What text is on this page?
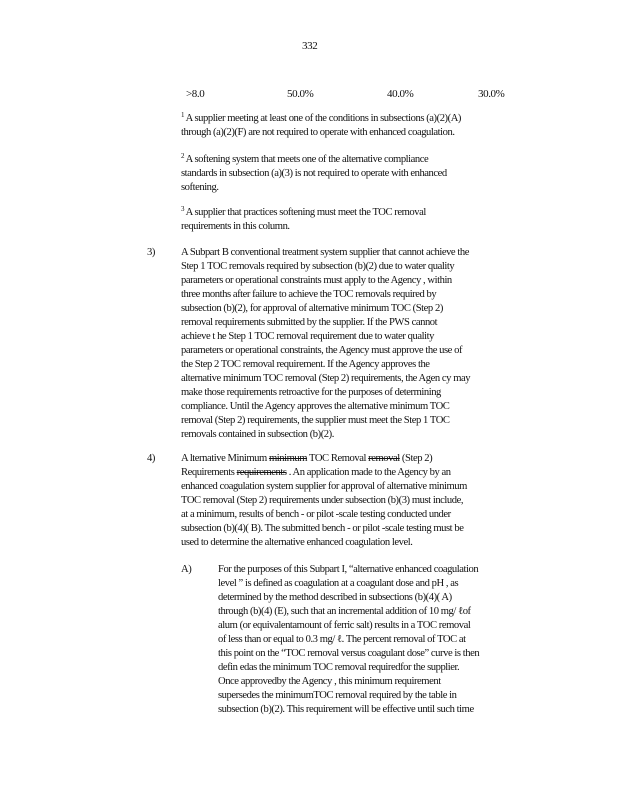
332
>8.0	50.0%	40.0%	30.0%
$^1$ A supplier meeting at least one of the conditions in subsections (a)(2)(A)
through (a)(2)(F) are not required to operate with enhanced coagulation.
$^2$ A softening system that meets one of the alternative compliance
standards in subsection (a)(3) is not required to operate with enhanced
softening.
$^3$ A supplier that practices softening must meet the TOC removal
requirements in this column.
3) A Subpart B conventional treatment system supplier that cannot achieve the
Step 1 TOC removals required by subsection (b)(2) due to water quality
parameters or operational constraints must apply to the Agency , within
three months after failure to achieve the TOC removals required by
subsection (b)(2), for approval of alternative minimum TOC (Step 2)
removal requirements submitted by the supplier. If the PWS cannot
achieve t he Step 1 TOC removal requirement due to water quality
parameters or operational constraints, the Agency must approve the use of
the Step 2 TOC removal requirement. If the Agency approves the
alternative minimum TOC removal (Step 2) requirements, the Agen cy may
make those requirements retroactive for the purposes of determining
compliance. Until the Agency approves the alternative minimum TOC
removal (Step 2) requirements, the supplier must meet the Step 1 TOC
removals contained in subsection (b)(2).
4) A lternative Minimum minimum TOC Removal removal (Step 2)
Requirements requirements . An application made to the Agency by an
enhanced coagulation system supplier for approval of alternative minimum
TOC removal (Step 2) requirements under subsection (b)(3) must include,
at a minimum, results of bench - or pilot -scale testing conducted under
subsection (b)(4)( B). The submitted bench - or pilot -scale testing must be
used to determine the alternative enhanced coagulation level.
A)	For the purposes of this Subpart I, “alternative enhanced coagulation
level ” is defined as coagulation at a coagulant dose and pH , as
determined by the method described in subsections (b)(4)( A)
through (b)(4) (E), such that an incremental addition of 10 mg/ ℓof
alum (or equivalentamount of ferric salt) results in a TOC removal
of less than or equal to 0.3 mg/ ℓ. The percent removal of TOC at
this point on the “TOC removal versus coagulant dose” curve is then
defin edas the minimum TOC removal requiredfor the supplier.
Once approvedby the Agency , this minimum requirement
supersedes the minimumTOC removal required by the table in
subsection (b)(2). This requirement will be effective until such time
